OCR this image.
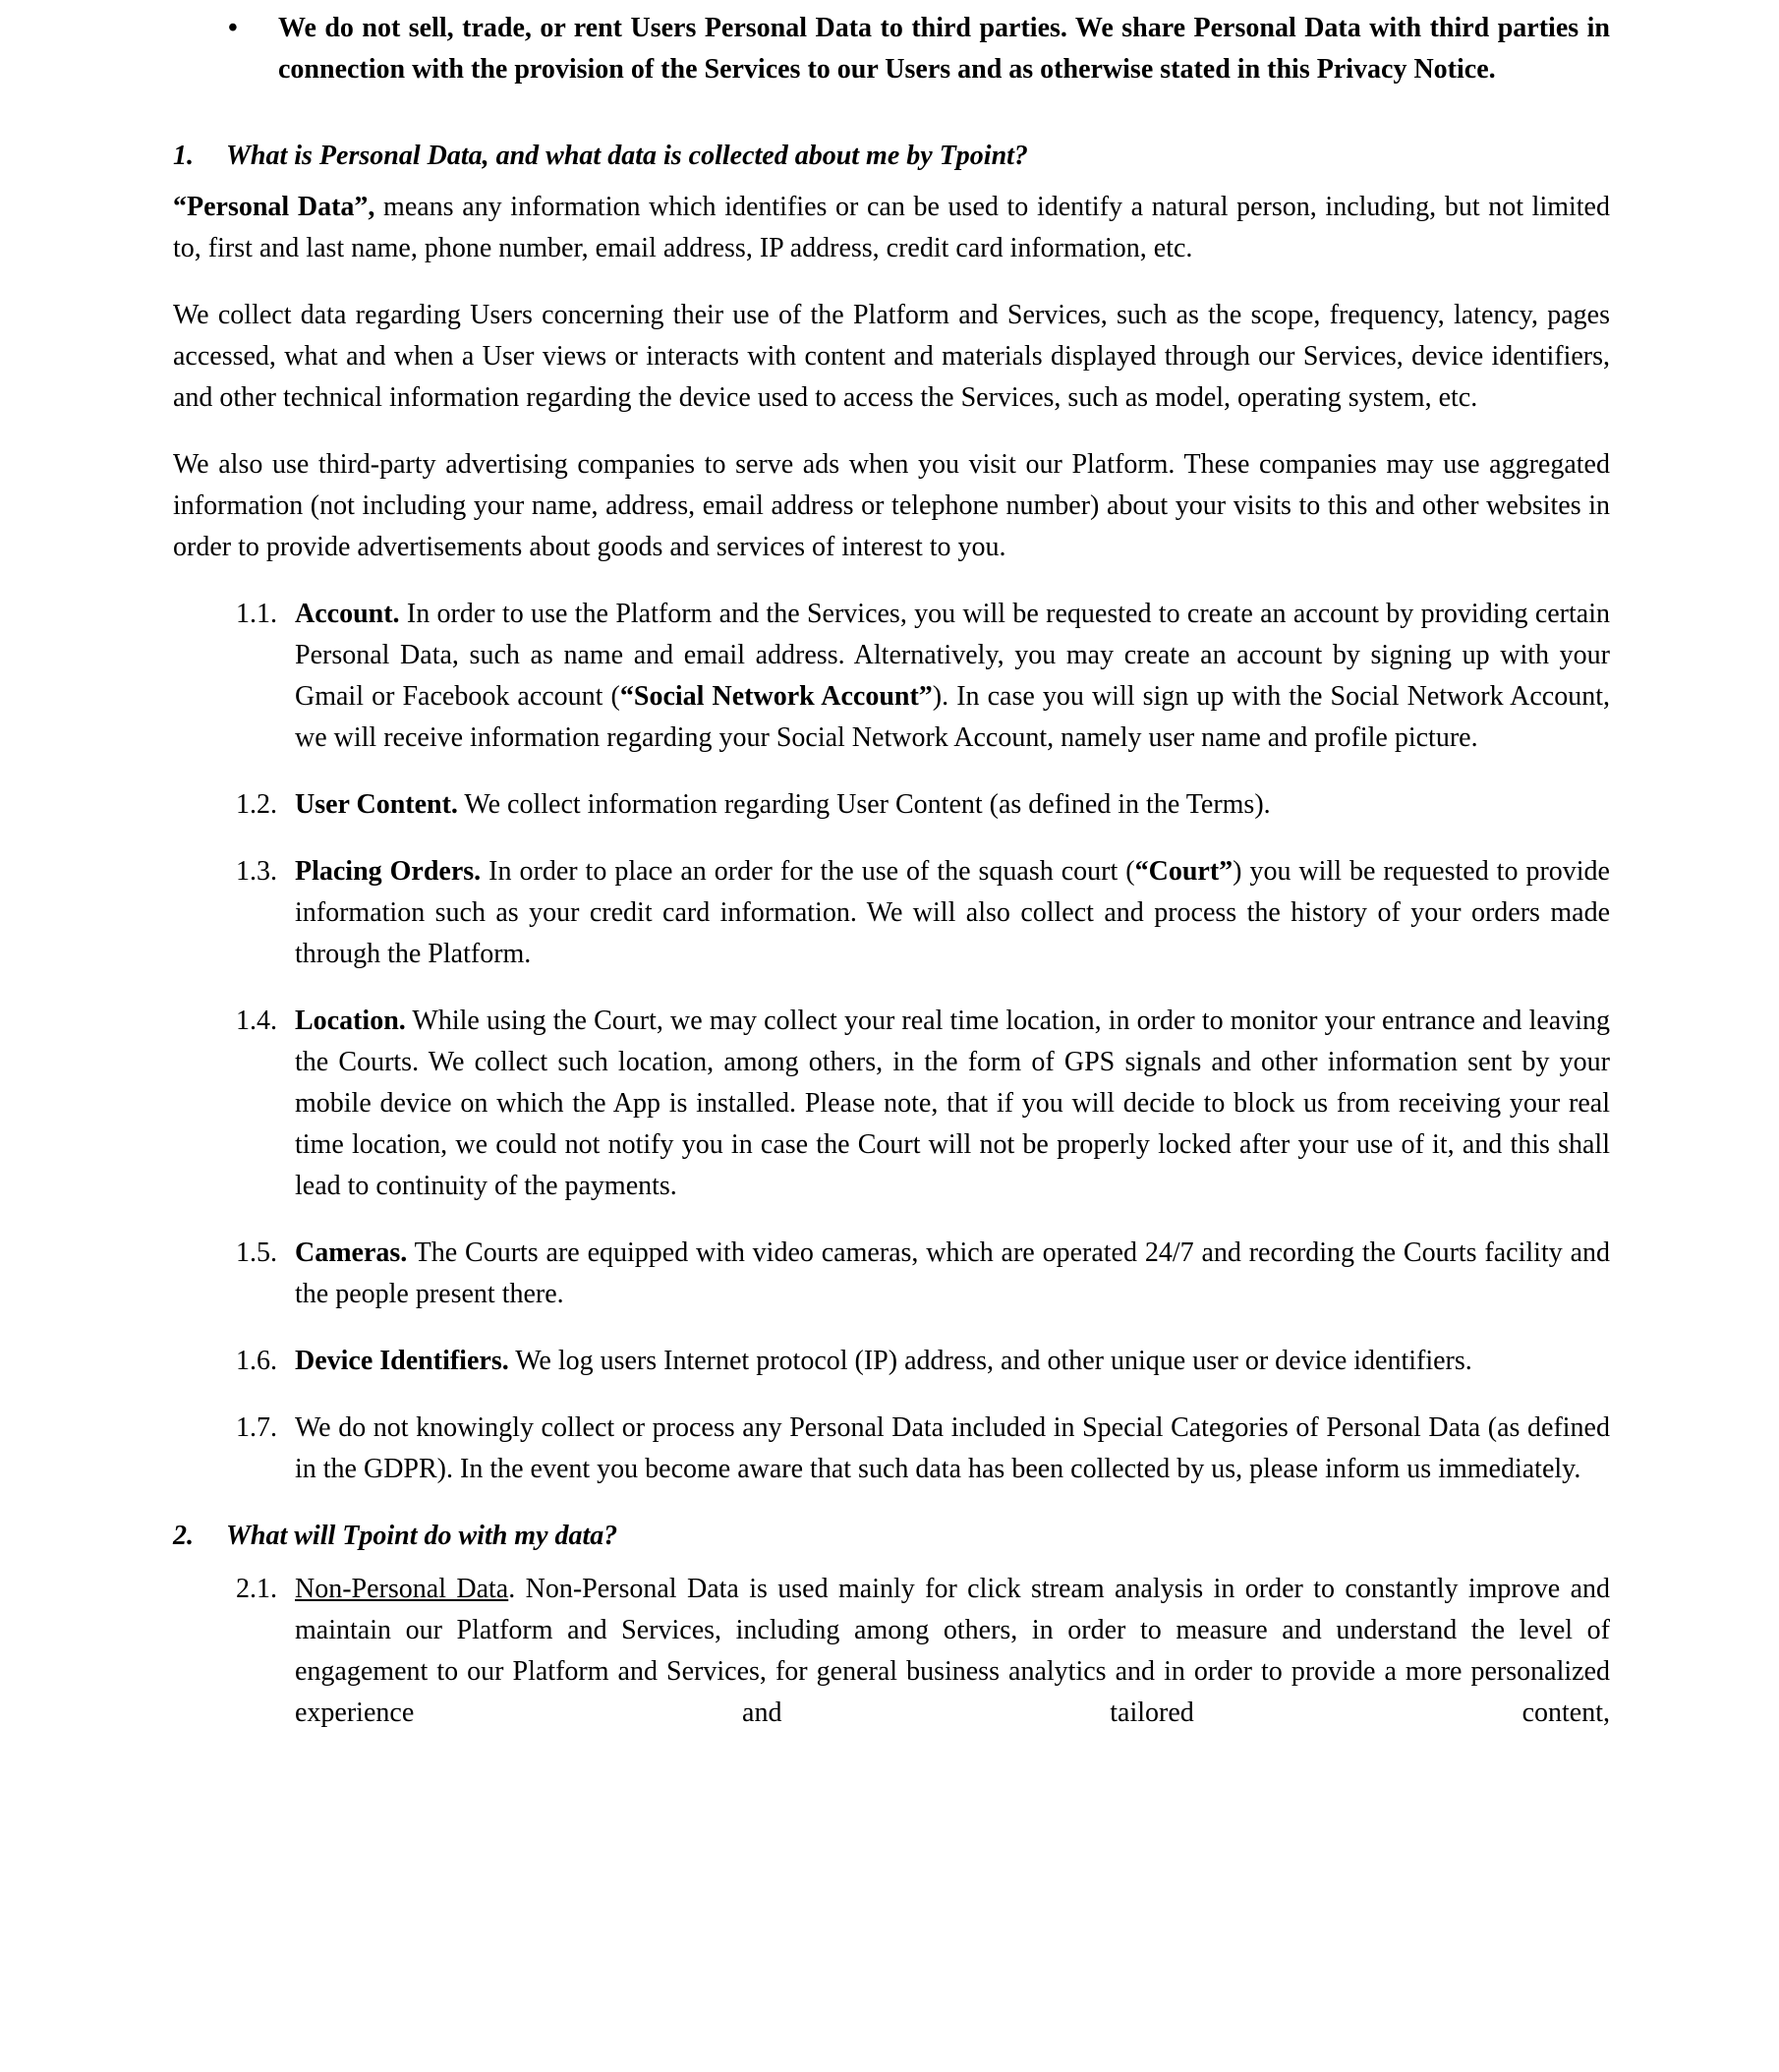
•	We do not sell, trade, or rent Users Personal Data to third parties. We share Personal Data with third parties in connection with the provision of the Services to our Users and as otherwise stated in this Privacy Notice.
1.	What is Personal Data, and what data is collected about me by Tpoint?

“Personal Data”, means any information which identifies or can be used to identify a natural person, including, but not limited to, first and last name, phone number, email address, IP address, credit card information, etc.

We collect data regarding Users concerning their use of the Platform and Services, such as the scope, frequency, latency, pages accessed, what and when a User views or interacts with content and materials displayed through our Services, device identifiers, and other technical information regarding the device used to access the Services, such as model, operating system, etc.

We also use third-party advertising companies to serve ads when you visit our Platform. These companies may use aggregated information (not including your name, address, email address or telephone number) about your visits to this and other websites in order to provide advertisements about goods and services of interest to you.

1.1. Account. In order to use the Platform and the Services, you will be requested to create an account by providing certain Personal Data, such as name and email address. Alternatively, you may create an account by signing up with your Gmail or Facebook account (“Social Network Account”). In case you will sign up with the Social Network Account, we will receive information regarding your Social Network Account, namely user name and profile picture.
1.2. User Content. We collect information regarding User Content (as defined in the Terms).
1.3. Placing Orders. In order to place an order for the use of the squash court (“Court”) you will be requested to provide information such as your credit card information. We will also collect and process the history of your orders made through the Platform.
1.4. Location. While using the Court, we may collect your real time location, in order to monitor your entrance and leaving the Courts. We collect such location, among others, in the form of GPS signals and other information sent by your mobile device on which the App is installed. Please note, that if you will decide to block us from receiving your real time location, we could not notify you in case the Court will not be properly locked after your use of it, and this shall lead to continuity of the payments.
1.5. Cameras. The Courts are equipped with video cameras, which are operated 24/7 and recording the Courts facility and the people present there.
1.6. Device Identifiers. We log users Internet protocol (IP) address, and other unique user or device identifiers.
1.7. We do not knowingly collect or process any Personal Data included in Special Categories of Personal Data (as defined in the GDPR). In the event you become aware that such data has been collected by us, please inform us immediately.
2.	What will Tpoint do with my data?
2.1. Non-Personal Data. Non-Personal Data is used mainly for click stream analysis in order to constantly improve and maintain our Platform and Services, including among others, in order to measure and understand the level of engagement to our Platform and Services, for general business analytics and in order to provide a more personalized experience and tailored content,
